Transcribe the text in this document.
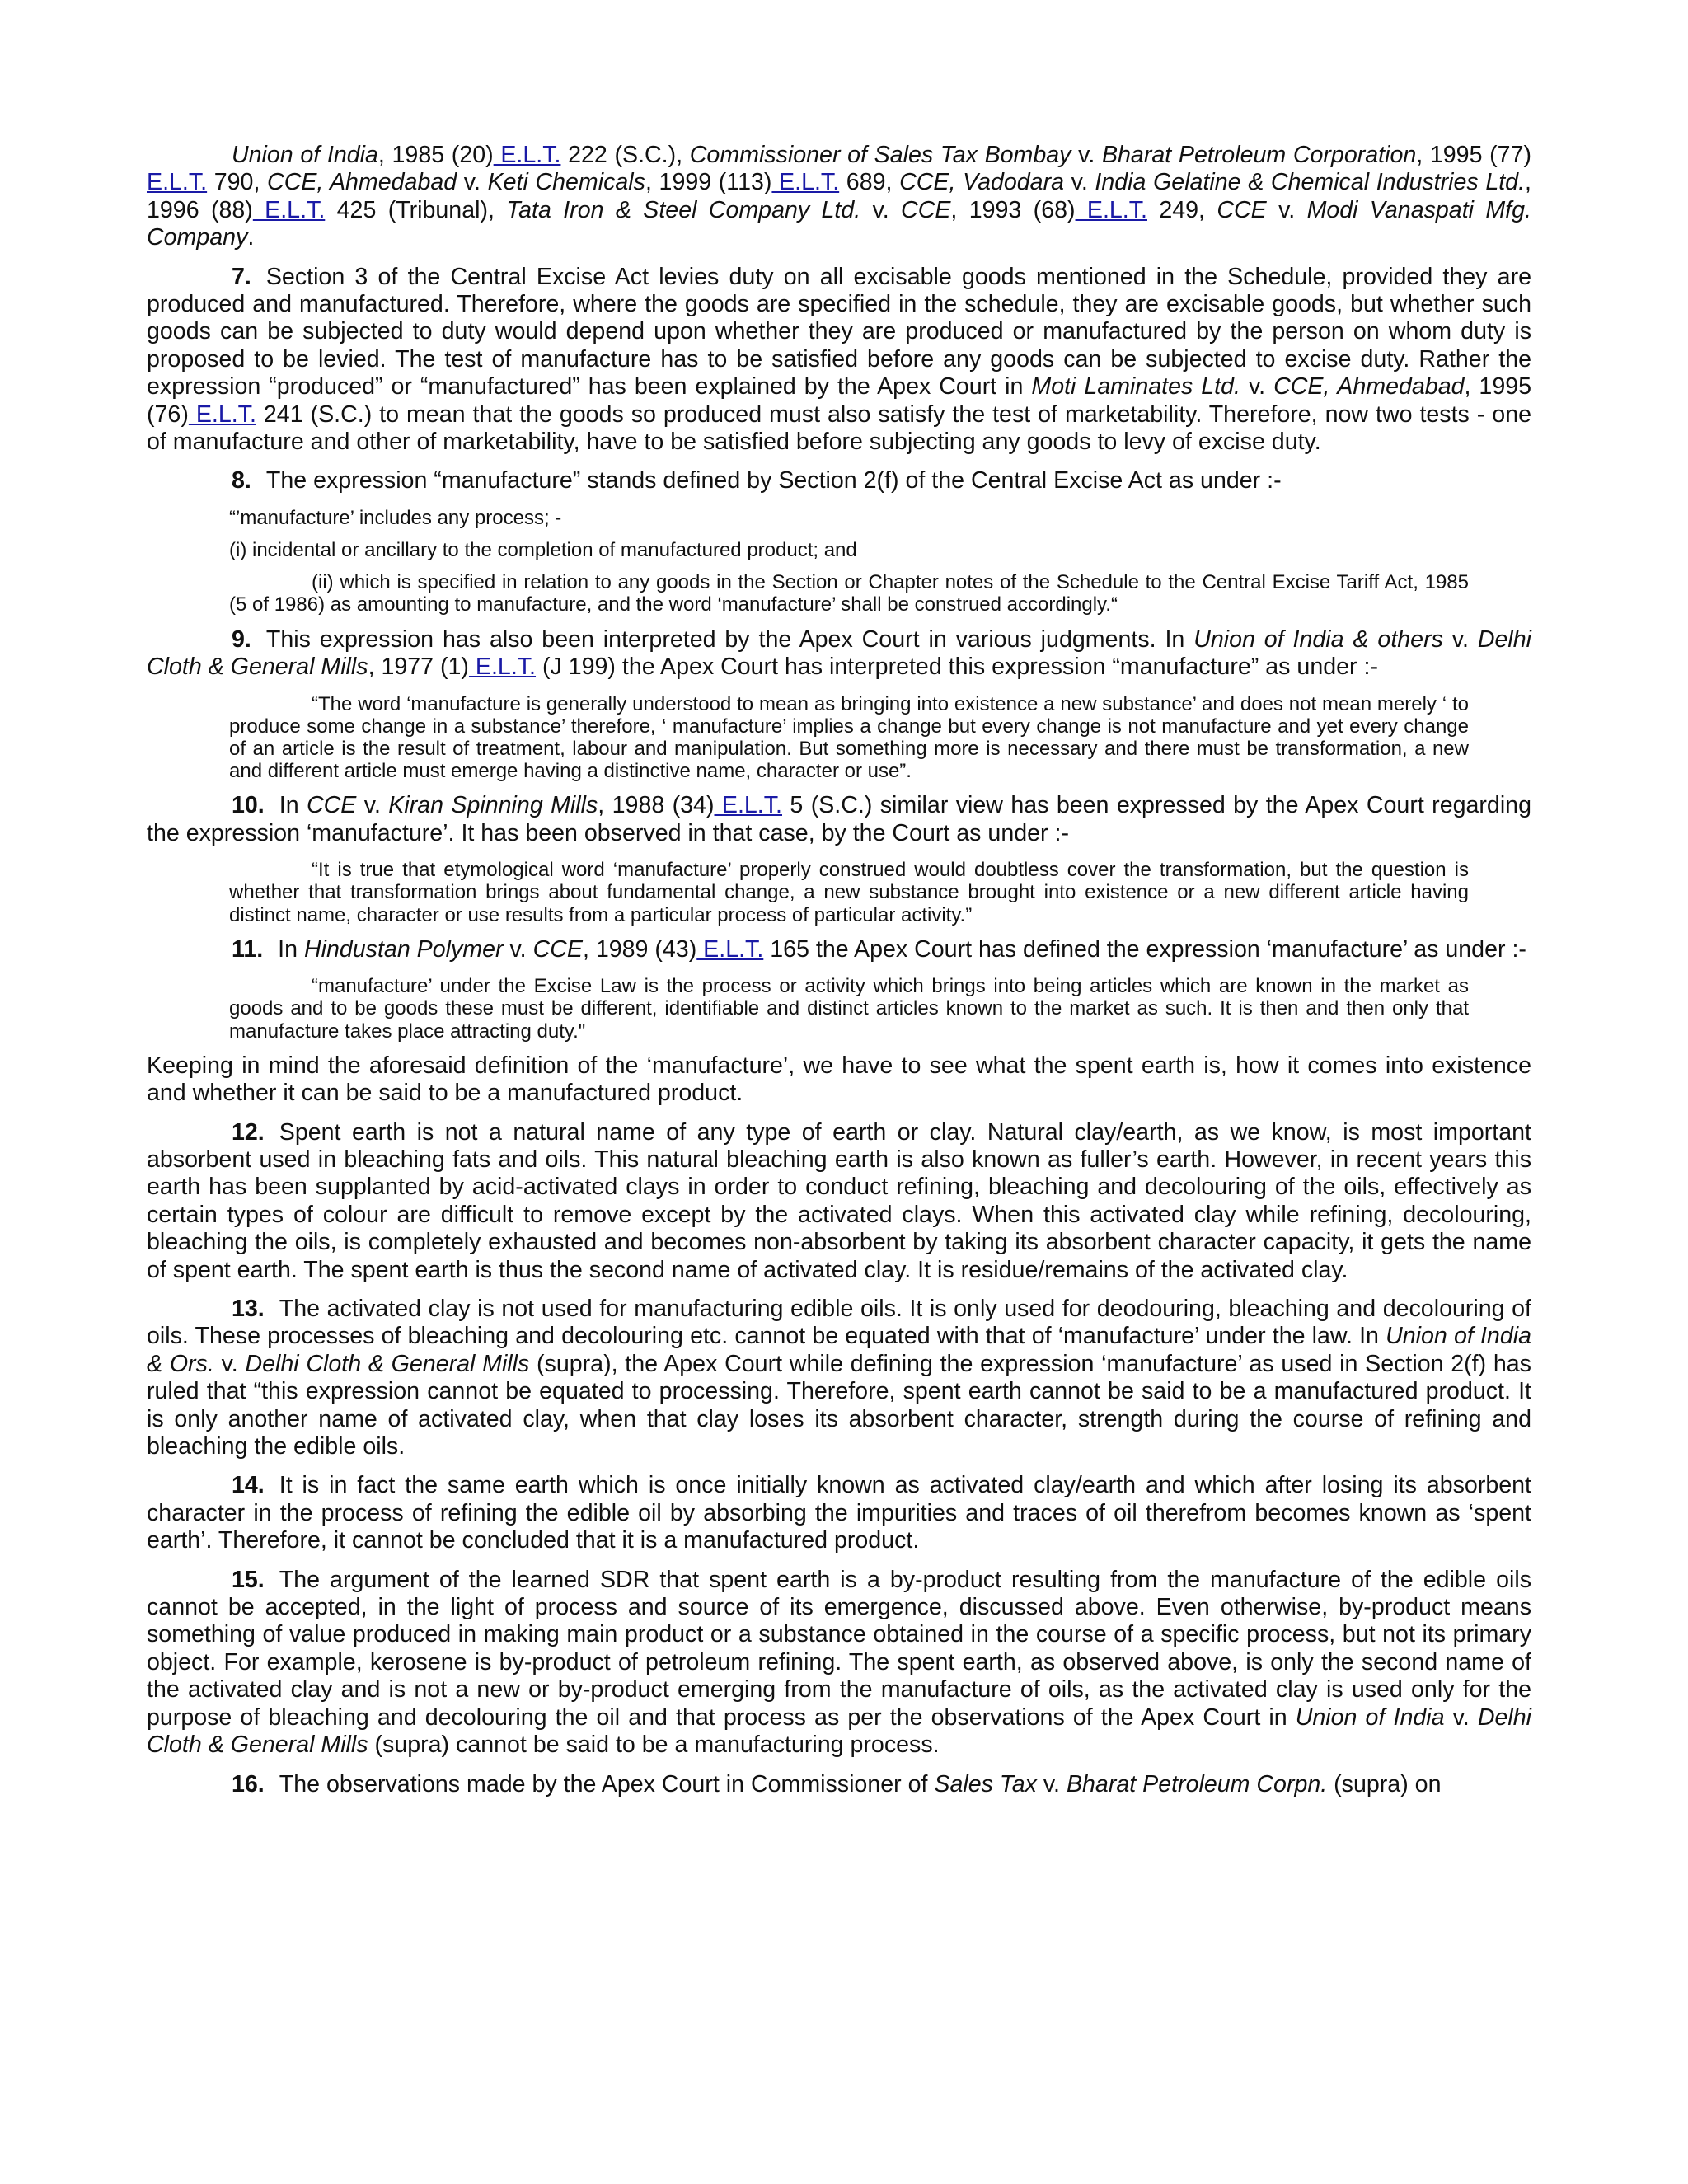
Union of India, 1985 (20) E.L.T. 222 (S.C.), Commissioner of Sales Tax Bombay v. Bharat Petroleum Corporation, 1995 (77) E.L.T. 790, CCE, Ahmedabad v. Keti Chemicals, 1999 (113) E.L.T. 689, CCE, Vadodara v. India Gelatine & Chemical Industries Ltd., 1996 (88) E.L.T. 425 (Tribunal), Tata Iron & Steel Company Ltd. v. CCE, 1993 (68) E.L.T. 249, CCE v. Modi Vanaspati Mfg. Company.

7. Section 3 of the Central Excise Act levies duty on all excisable goods mentioned in the Schedule, provided they are produced and manufactured. Therefore, where the goods are specified in the schedule, they are excisable goods, but whether such goods can be subjected to duty would depend upon whether they are produced or manufactured by the person on whom duty is proposed to be levied. The test of manufacture has to be satisfied before any goods can be subjected to excise duty. Rather the expression “produced” or “manufactured” has been explained by the Apex Court in Moti Laminates Ltd. v. CCE, Ahmedabad, 1995 (76) E.L.T. 241 (S.C.) to mean that the goods so produced must also satisfy the test of marketability. Therefore, now two tests - one of manufacture and other of marketability, have to be satisfied before subjecting any goods to levy of excise duty.

8. The expression “manufacture” stands defined by Section 2(f) of the Central Excise Act as under :-

“’manufacture’ includes any process; -

(i) incidental or ancillary to the completion of manufactured product; and

(ii) which is specified in relation to any goods in the Section or Chapter notes of the Schedule to the Central Excise Tariff Act, 1985 (5 of 1986) as amounting to manufacture, and the word ‘manufacture’ shall be construed accordingly.“

9. This expression has also been interpreted by the Apex Court in various judgments. In Union of India & others v. Delhi Cloth & General Mills, 1977 (1) E.L.T. (J 199) the Apex Court has interpreted this expression “manufacture” as under :-

“The word ‘manufacture is generally understood to mean as bringing into existence a new substance’ and does not mean merely ‘ to produce some change in a substance’ therefore, ‘ manufacture’ implies a change but every change is not manufacture and yet every change of an article is the result of treatment, labour and manipulation. But something more is necessary and there must be transformation, a new and different article must emerge having a distinctive name, character or use”.

10. In CCE v. Kiran Spinning Mills, 1988 (34) E.L.T. 5 (S.C.) similar view has been expressed by the Apex Court regarding the expression ‘manufacture’. It has been observed in that case, by the Court as under :-

“It is true that etymological word ‘manufacture’ properly construed would doubtless cover the transformation, but the question is whether that transformation brings about fundamental change, a new substance brought into existence or a new different article having distinct name, character or use results from a particular process of particular activity.”

11. In Hindustan Polymer v. CCE, 1989 (43) E.L.T. 165 the Apex Court has defined the expression ‘manufacture’ as under :-

“manufacture’ under the Excise Law is the process or activity which brings into being articles which are known in the market as goods and to be goods these must be different, identifiable and distinct articles known to the market as such. It is then and then only that manufacture takes place attracting duty."

Keeping in mind the aforesaid definition of the ‘manufacture’, we have to see what the spent earth is, how it comes into existence and whether it can be said to be a manufactured product.

12. Spent earth is not a natural name of any type of earth or clay. Natural clay/earth, as we know, is most important absorbent used in bleaching fats and oils. This natural bleaching earth is also known as fuller’s earth. However, in recent years this earth has been supplanted by acid-activated clays in order to conduct refining, bleaching and decolouring of the oils, effectively as certain types of colour are difficult to remove except by the activated clays. When this activated clay while refining, decolouring, bleaching the oils, is completely exhausted and becomes non-absorbent by taking its absorbent character capacity, it gets the name of spent earth. The spent earth is thus the second name of activated clay. It is residue/remains of the activated clay.

13. The activated clay is not used for manufacturing edible oils. It is only used for deodouring, bleaching and decolouring of oils. These processes of bleaching and decolouring etc. cannot be equated with that of ‘manufacture’ under the law. In Union of India & Ors. v. Delhi Cloth & General Mills (supra), the Apex Court while defining the expression ‘manufacture’ as used in Section 2(f) has ruled that “this expression cannot be equated to processing. Therefore, spent earth cannot be said to be a manufactured product. It is only another name of activated clay, when that clay loses its absorbent character, strength during the course of refining and bleaching the edible oils.

14. It is in fact the same earth which is once initially known as activated clay/earth and which after losing its absorbent character in the process of refining the edible oil by absorbing the impurities and traces of oil therefrom becomes known as ‘spent earth’. Therefore, it cannot be concluded that it is a manufactured product.

15. The argument of the learned SDR that spent earth is a by-product resulting from the manufacture of the edible oils cannot be accepted, in the light of process and source of its emergence, discussed above. Even otherwise, by-product means something of value produced in making main product or a substance obtained in the course of a specific process, but not its primary object. For example, kerosene is by-product of petroleum refining. The spent earth, as observed above, is only the second name of the activated clay and is not a new or by-product emerging from the manufacture of oils, as the activated clay is used only for the purpose of bleaching and decolouring the oil and that process as per the observations of the Apex Court in Union of India v. Delhi Cloth & General Mills (supra) cannot be said to be a manufacturing process.

16. The observations made by the Apex Court in Commissioner of Sales Tax v. Bharat Petroleum Corpn. (supra) on
